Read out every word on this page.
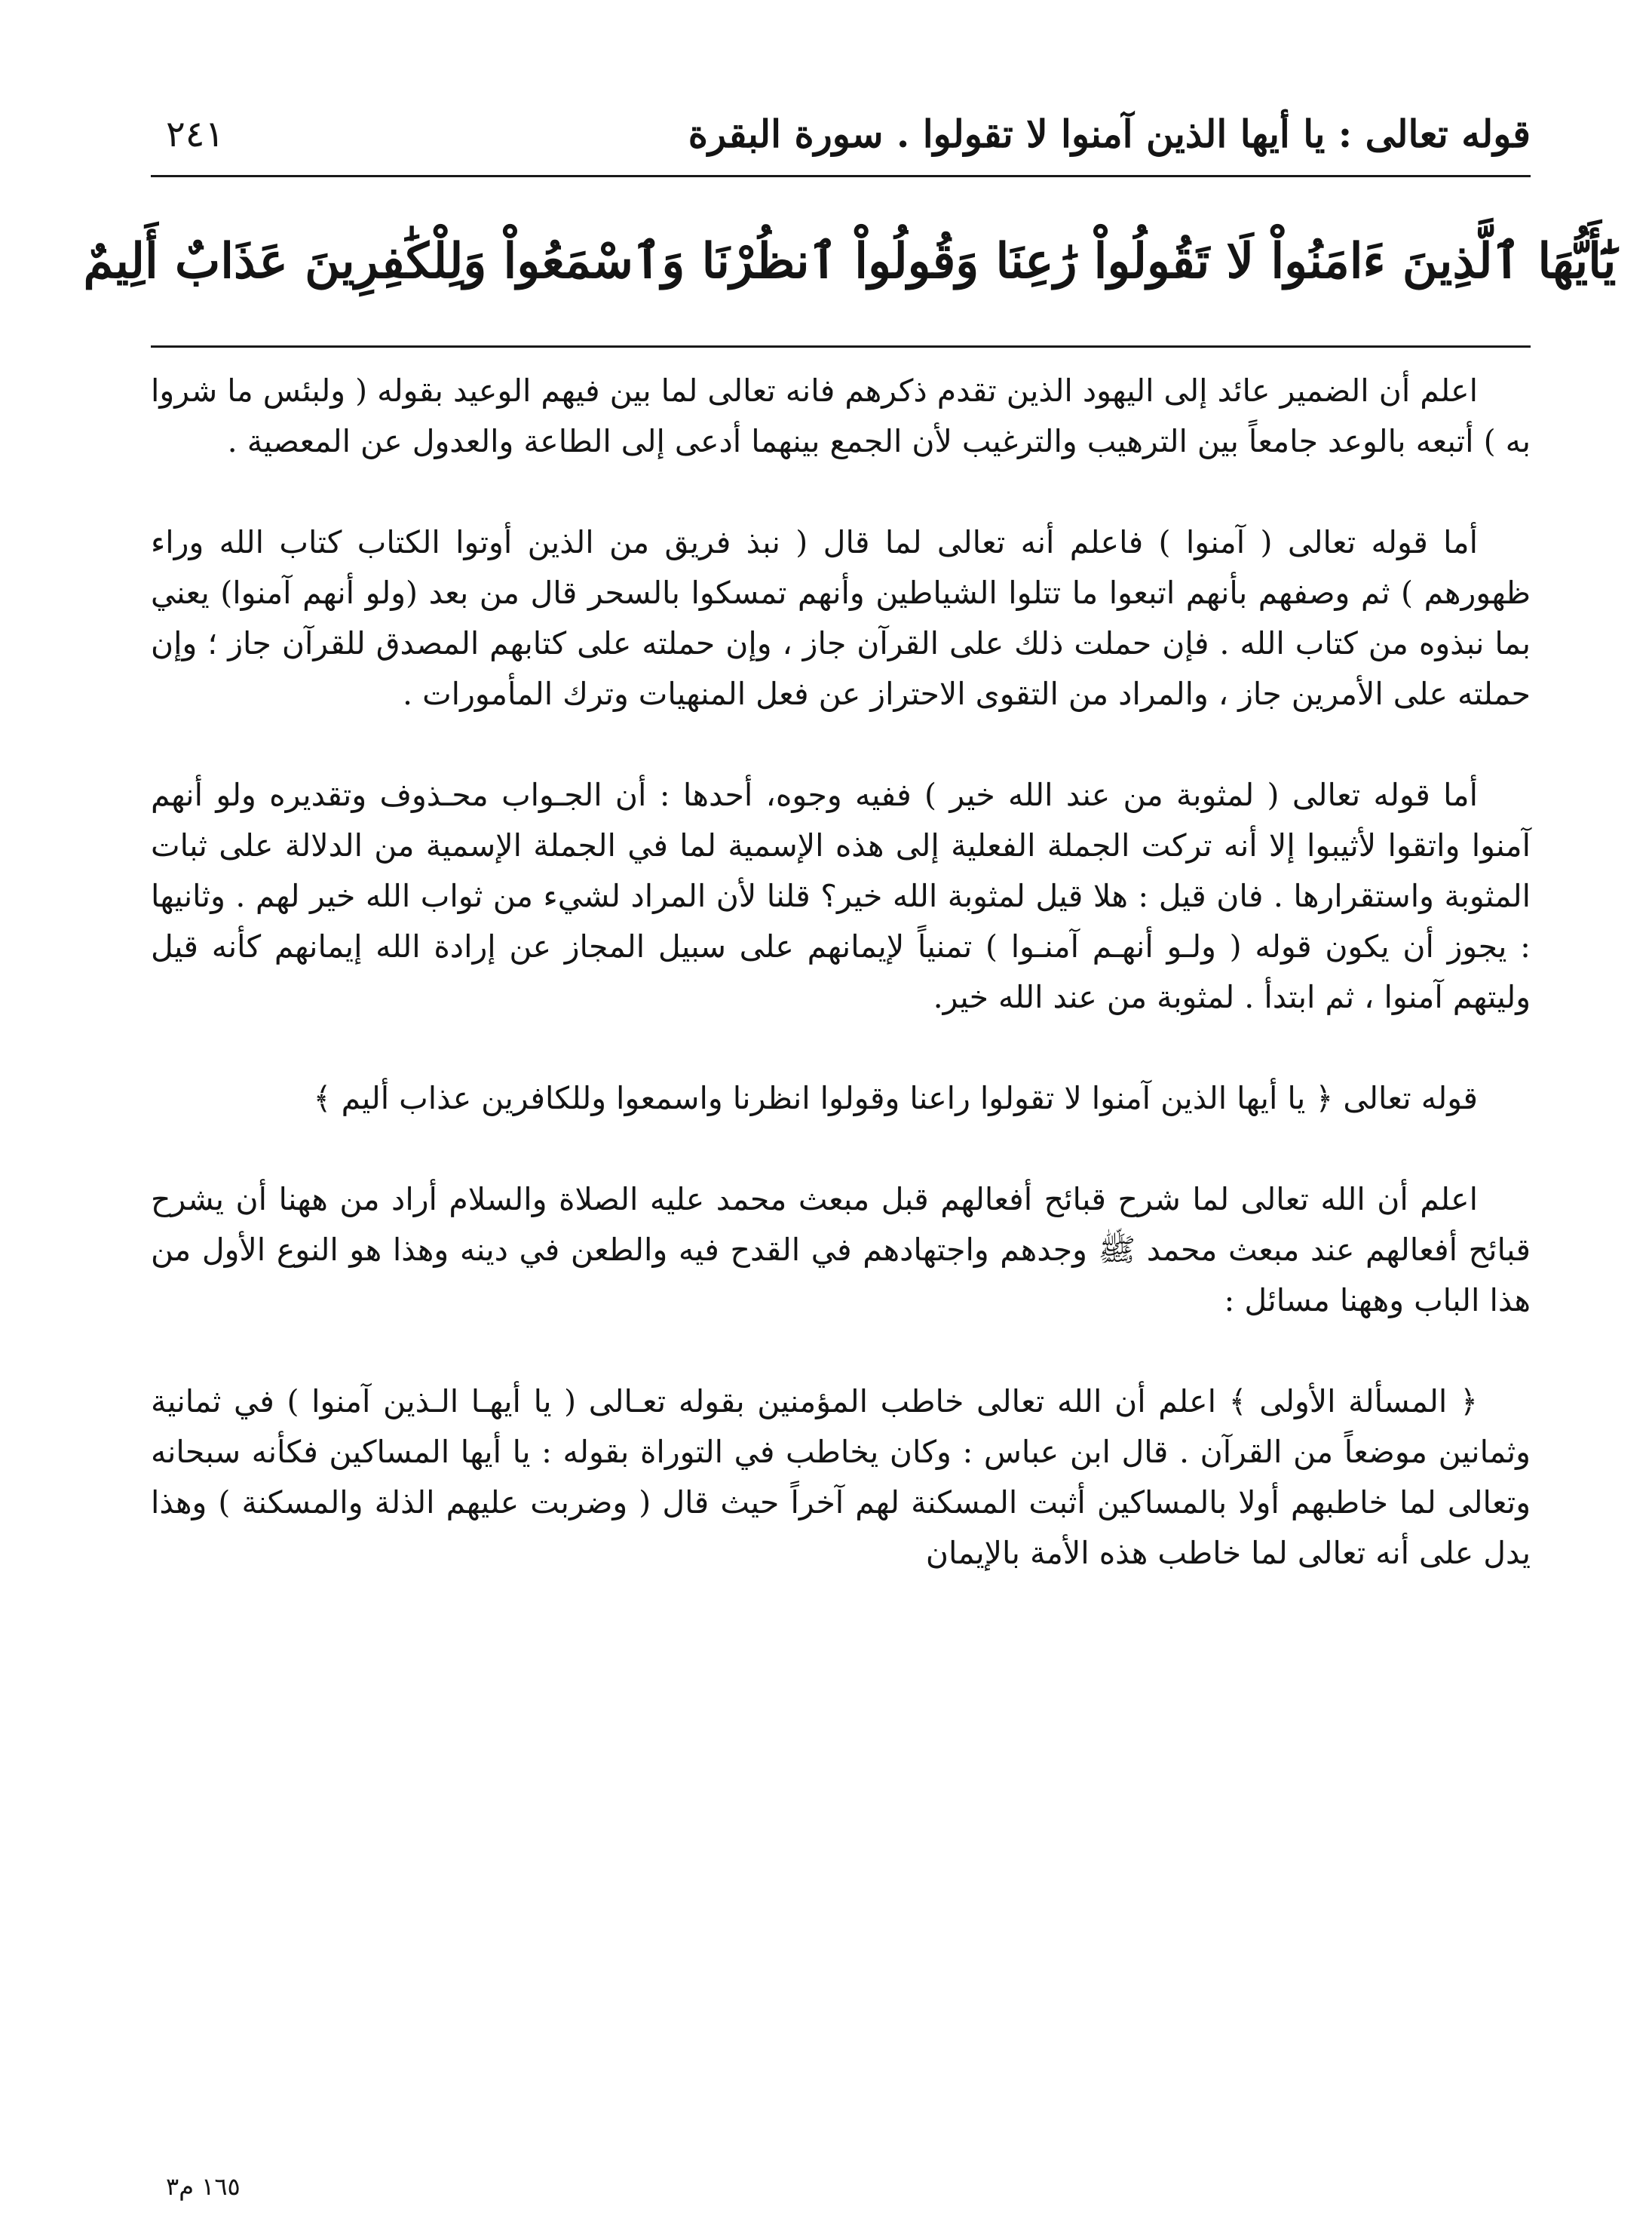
قوله تعالى : يا أيها الذين آمنوا لا تقولوا . سورة البقرة
٢٤١
يَٰٓأَيُّهَا ٱلَّذِينَ ءَامَنُواْ لَا تَقُولُواْ رَٰعِنَا وَقُولُواْ ٱنظُرْنَا وَٱسْمَعُواْ وَلِلْكَٰفِرِينَ عَذَابٌ أَلِيمٌ

اعلم أن الضمير عائد إلى اليهود الذين تقدم ذكرهم فانه تعالى لما بين فيهم الوعيد بقوله ( ولبئس ما شروا به ) أتبعه بالوعد جامعاً بين الترهيب والترغيب لأن الجمع بينهما أدعى إلى الطاعة والعدول عن المعصية .

أما قوله تعالى ( آمنوا ) فاعلم أنه تعالى لما قال ( نبذ فريق من الذين أوتوا الكتاب كتاب الله وراء ظهورهم ) ثم وصفهم بأنهم اتبعوا ما تتلوا الشياطين وأنهم تمسكوا بالسحر قال من بعد (ولو أنهم آمنوا) يعني بما نبذوه من كتاب الله . فإن حملت ذلك على القرآن جاز ، وإن حملته على كتابهم المصدق للقرآن جاز ؛ وإن حملته على الأمرين جاز ، والمراد من التقوى الاحتراز عن فعل المنهيات وترك المأمورات .

أما قوله تعالى ( لمثوبة من عند الله خير ) ففيه وجوه، أحدها : أن الجـواب محـذوف وتقديره ولو أنهم آمنوا واتقوا لأثيبوا إلا أنه تركت الجملة الفعلية إلى هذه الإسمية لما في الجملة الإسمية من الدلالة على ثبات المثوبة واستقرارها . فان قيل : هلا قيل لمثوبة الله خير؟ قلنا لأن المراد لشيء من ثواب الله خير لهم . وثانيها : يجوز أن يكون قوله ( ولـو أنهـم آمنـوا ) تمنياً لإيمانهم على سبيل المجاز عن إرادة الله إيمانهم كأنه قيل وليتهم آمنوا ، ثم ابتدأ . لمثوبة من عند الله خير.

قوله تعالى ﴿ يا أيها الذين آمنوا لا تقولوا راعنا وقولوا انظرنا واسمعوا وللكافرين عذاب أليم ﴾

اعلم أن الله تعالى لما شرح قبائح أفعالهم قبل مبعث محمد عليه الصلاة والسلام أراد من ههنا أن يشرح قبائح أفعالهم عند مبعث محمد ﷺ وجدهم واجتهادهم في القدح فيه والطعن في دينه وهذا هو النوع الأول من هذا الباب وههنا مسائل :

﴿ المسألة الأولى ﴾ اعلم أن الله تعالى خاطب المؤمنين بقوله تعـالى ( يا أيهـا الـذين آمنوا ) في ثمانية وثمانين موضعاً من القرآن . قال ابن عباس : وكان يخاطب في التوراة بقوله : يا أيها المساكين فكأنه سبحانه وتعالى لما خاطبهم أولا بالمساكين أثبت المسكنة لهم آخراً حيث قال ( وضربت عليهم الذلة والمسكنة ) وهذا يدل على أنه تعالى لما خاطب هذه الأمة بالإيمان

١٦٥ م٣
